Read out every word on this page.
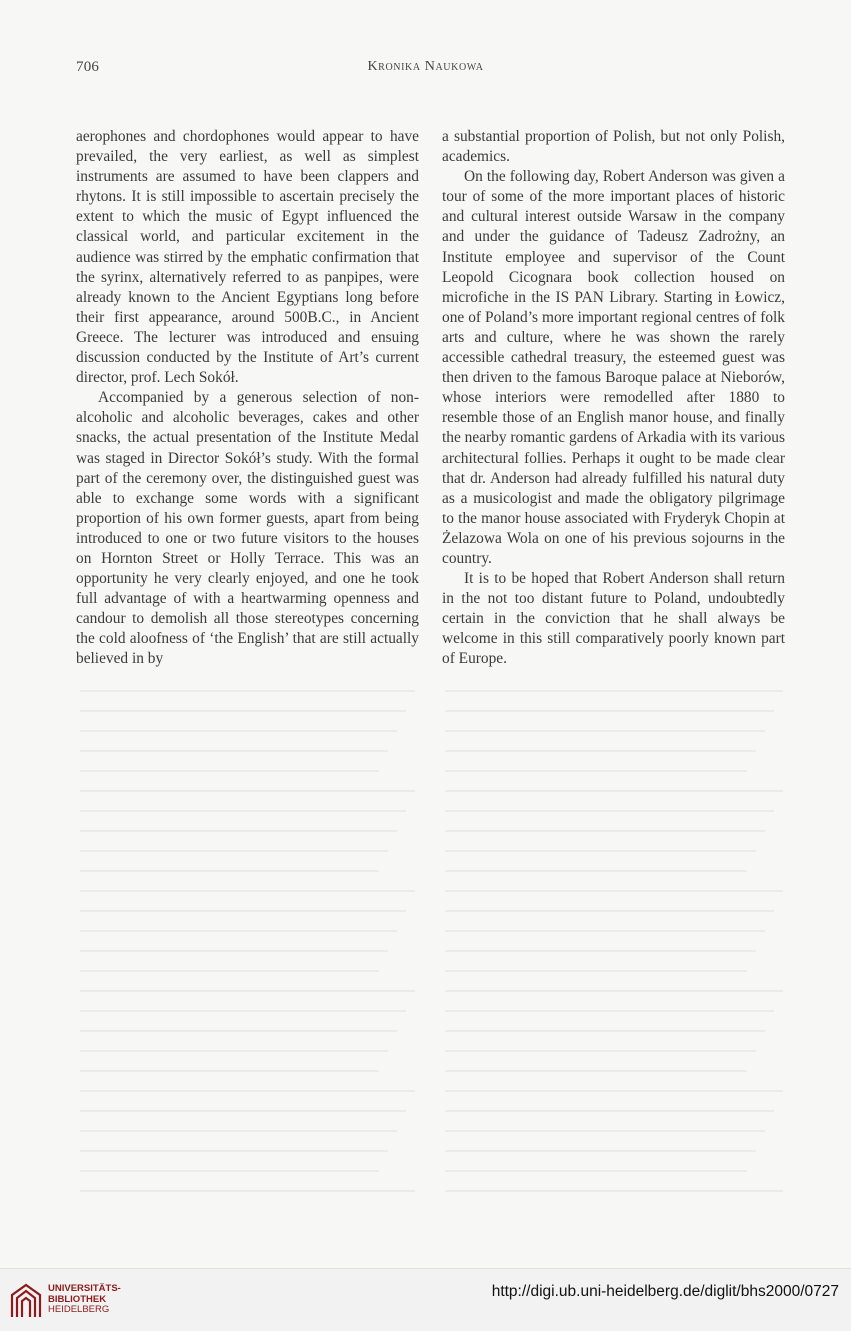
706	Kronika Naukowa

aerophones and chordophones would appear to have prevailed, the very earliest, as well as simplest instruments are assumed to have been clappers and rhytons. It is still impossible to ascertain precisely the extent to which the music of Egypt influenced the classical world, and particular excitement in the audience was stirred by the emphatic confirmation that the syrinx, alternatively referred to as panpipes, were already known to the Ancient Egyptians long before their first appearance, around 500B.C., in Ancient Greece. The lecturer was introduced and ensuing discussion conducted by the Institute of Art’s current director, prof. Lech Sokół.

Accompanied by a generous selection of non-alcoholic and alcoholic beverages, cakes and other snacks, the actual presentation of the Institute Medal was staged in Director Sokół’s study. With the formal part of the ceremony over, the distinguished guest was able to exchange some words with a significant proportion of his own former guests, apart from being introduced to one or two future visitors to the houses on Hornton Street or Holly Terrace. This was an opportunity he very clearly enjoyed, and one he took full advantage of with a heartwarming openness and candour to demolish all those stereotypes concerning the cold aloofness of ‘the English’ that are still actually believed in by

a substantial proportion of Polish, but not only Polish, academics.

On the following day, Robert Anderson was given a tour of some of the more important places of historic and cultural interest outside Warsaw in the company and under the guidance of Tadeusz Zadrożny, an Institute employee and supervisor of the Count Leopold Cicognara book collection housed on microfiche in the IS PAN Library. Starting in Łowicz, one of Poland’s more important regional centres of folk arts and culture, where he was shown the rarely accessible cathedral treasury, the esteemed guest was then driven to the famous Baroque palace at Nieborów, whose interiors were remodelled after 1880 to resemble those of an English manor house, and finally the nearby romantic gardens of Arkadia with its various architectural follies. Perhaps it ought to be made clear that dr. Anderson had already fulfilled his natural duty as a musicologist and made the obligatory pilgrimage to the manor house associated with Fryderyk Chopin at Żelazowa Wola on one of his previous sojourns in the country.

It is to be hoped that Robert Anderson shall return in the not too distant future to Poland, undoubtedly certain in the conviction that he shall always be welcome in this still comparatively poorly known part of Europe.

UNIVERSITÄTS-
BIBLIOTHEK
HEIDELBERG
http://digi.ub.uni-heidelberg.de/diglit/bhs2000/0727
